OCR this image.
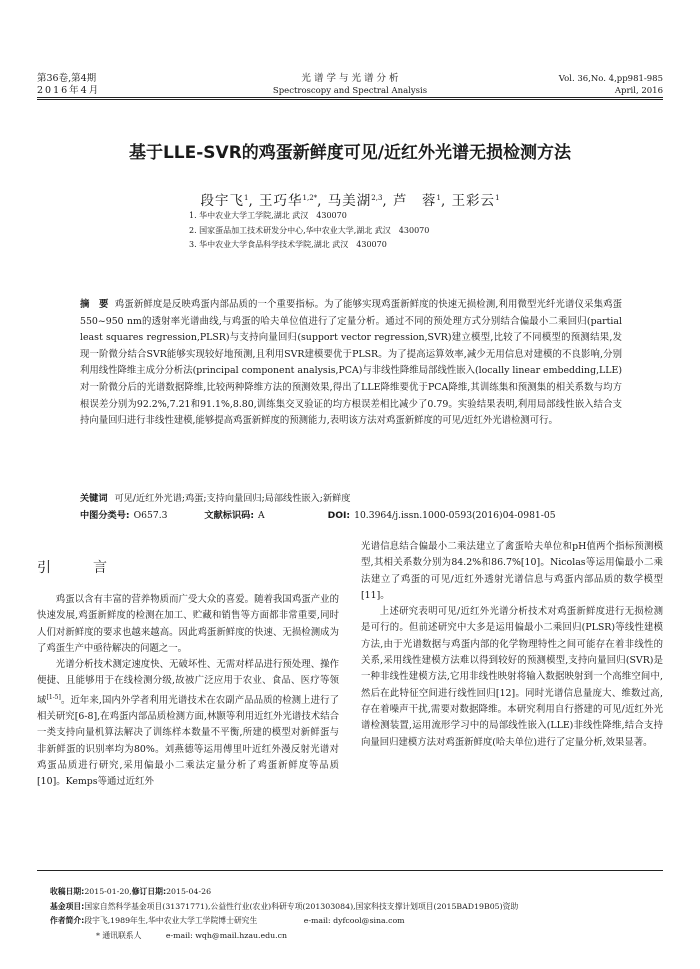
第36卷,第4期
2016年4月
光 谱 学 与 光 谱 分 析
Spectroscopy and Spectral Analysis
Vol. 36,No. 4,pp981-985
April, 2016
基于LLE-SVR的鸡蛋新鲜度可见/近红外光谱无损检测方法
段宇飞$^1$, 王巧华$^{1,2*}$, 马美湖$^{2,3}$, 芦　蓉$^1$, 王彩云$^1$
1. 华中农业大学工学院,湖北 武汉　430070
2. 国家蛋品加工技术研发分中心,华中农业大学,湖北 武汉　430070
3. 华中农业大学食品科学技术学院,湖北 武汉　430070
摘　要 鸡蛋新鲜度是反映鸡蛋内部品质的一个重要指标。为了能够实现鸡蛋新鲜度的快速无损检测,利用微型光纤光谱仪采集鸡蛋550~950 nm的透射率光谱曲线,与鸡蛋的哈夫单位值进行了定量分析。通过不同的预处理方式分别结合偏最小二乘回归(partial least squares regression,PLSR)与支持向量回归(support vector regression,SVR)建立模型,比较了不同模型的预测结果,发现一阶微分结合SVR能够实现较好地预测,且利用SVR建模要优于PLSR。为了提高运算效率,减少无用信息对建模的不良影响,分别利用线性降维主成分分析法(principal component analysis,PCA)与非线性降维局部线性嵌入(locally linear embedding,LLE)对一阶微分后的光谱数据降维,比较两种降维方法的预测效果,得出了LLE降维要优于PCA降维,其训练集和预测集的相关系数与均方根误差分别为92.2%,7.21和91.1%,8.80,训练集交叉验证的均方根误差相比减少了0.79。实验结果表明,利用局部线性嵌入结合支持向量回归进行非线性建模,能够提高鸡蛋新鲜度的预测能力,表明该方法对鸡蛋新鲜度的可见/近红外光谱检测可行。
关键词 可见/近红外光谱;鸡蛋;支持向量回归;局部线性嵌入;新鲜度
中图分类号: O657.3	文献标识码: A	DOI: 10.3964/j.issn.1000-0593(2016)04-0981-05
引　言

鸡蛋以含有丰富的营养物质而广受大众的喜爱。随着我国鸡蛋产业的快速发展,鸡蛋新鲜度的检测在加工、贮藏和销售等方面都非常重要,同时人们对新鲜度的要求也越来越高。因此鸡蛋新鲜度的快速、无损检测成为了鸡蛋生产中亟待解决的问题之一。

光谱分析技术测定速度快、无破坏性、无需对样品进行预处理、操作便捷、且能够用于在线检测分级,故被广泛应用于农业、食品、医疗等领域[1-5]。近年来,国内外学者利用光谱技术在农副产品品质的检测上进行了相关研究[6-8],在鸡蛋内部品质检测方面,林颢等利用近红外光谱技术结合一类支持向量机算法解决了训练样本数量不平衡,所建的模型对新鲜蛋与非新鲜蛋的识别率均为80%。刘燕德等运用傅里叶近红外漫反射光谱对鸡蛋品质进行研究,采用偏最小二乘法定量分析了鸡蛋新鲜度等品质[10]。Kemps等通过近红外

光谱信息结合偏最小二乘法建立了禽蛋哈夫单位和pH值两个指标预测模型,其相关系数分别为84.2%和86.7%[10]。Nicolas等运用偏最小二乘法建立了鸡蛋的可见/近红外透射光谱信息与鸡蛋内部品质的数学模型[11]。

上述研究表明可见/近红外光谱分析技术对鸡蛋新鲜度进行无损检测是可行的。但前述研究中大多是运用偏最小二乘回归(PLSR)等线性建模方法,由于光谱数据与鸡蛋内部的化学物理特性之间可能存在着非线性的关系,采用线性建模方法难以得到较好的预测模型,支持向量回归(SVR)是一种非线性建模方法,它用非线性映射将输入数据映射到一个高维空间中,然后在此特征空间进行线性回归[12]。同时光谱信息量庞大、维数过高,存在着噪声干扰,需要对数据降维。本研究利用自行搭建的可见/近红外光谱检测装置,运用流形学习中的局部线性嵌入(LLE)非线性降维,结合支持向量回归建模方法对鸡蛋新鲜度(哈夫单位)进行了定量分析,效果显著。

收稿日期:2015-01-20,修订日期:2015-04-26
基金项目:国家自然科学基金项目(31371771),公益性行业(农业)科研专项(201303084),国家科技支撑计划项目(2015BAD19B05)资助
作者简介:段宇飞,1989年生,华中农业大学工学院博士研究生	e-mail: dyfcool@sina.com
* 通讯联系人	e-mail: wqh@mail.hzau.edu.cn
